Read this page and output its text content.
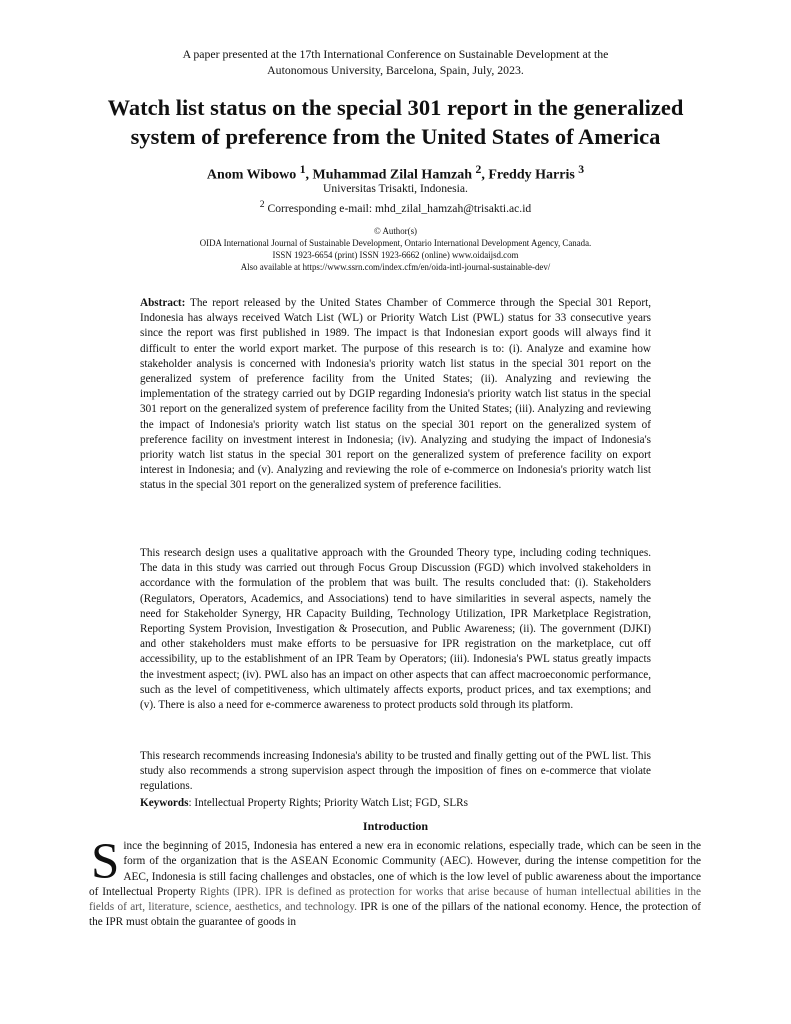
A paper presented at the 17th International Conference on Sustainable Development at the
Autonomous University, Barcelona, Spain, July, 2023.
Watch list status on the special 301 report in the generalized
system of preference from the United States of America
Anom Wibowo $^1$, Muhammad Zilal Hamzah $^2$, Freddy Harris $^3$
Universitas Trisakti, Indonesia.
$^2$ Corresponding e-mail: mhd_zilal_hamzah@trisakti.ac.id
© Author(s)
OIDA International Journal of Sustainable Development, Ontario International Development Agency, Canada.
ISSN 1923-6654 (print) ISSN 1923-6662 (online) www.oidaijsd.com
Also available at https://www.ssrn.com/index.cfm/en/oida-intl-journal-sustainable-dev/
Abstract: The report released by the United States Chamber of Commerce through the Special 301 Report, Indonesia has always received Watch List (WL) or Priority Watch List (PWL) status for 33 consecutive years since the report was first published in 1989. The impact is that Indonesian export goods will always find it difficult to enter the world export market. The purpose of this research is to: (i). Analyze and examine how stakeholder analysis is concerned with Indonesia's priority watch list status in the special 301 report on the generalized system of preference facility from the United States; (ii). Analyzing and reviewing the implementation of the strategy carried out by DGIP regarding Indonesia's priority watch list status in the special 301 report on the generalized system of preference facility from the United States; (iii). Analyzing and reviewing the impact of Indonesia's priority watch list status on the special 301 report on the generalized system of preference facility on investment interest in Indonesia; (iv). Analyzing and studying the impact of Indonesia's priority watch list status in the special 301 report on the generalized system of preference facility on export interest in Indonesia; and (v). Analyzing and reviewing the role of e-commerce on Indonesia's priority watch list status in the special 301 report on the generalized system of preference facilities.
This research design uses a qualitative approach with the Grounded Theory type, including coding techniques. The data in this study was carried out through Focus Group Discussion (FGD) which involved stakeholders in accordance with the formulation of the problem that was built. The results concluded that: (i). Stakeholders (Regulators, Operators, Academics, and Associations) tend to have similarities in several aspects, namely the need for Stakeholder Synergy, HR Capacity Building, Technology Utilization, IPR Marketplace Registration, Reporting System Provision, Investigation & Prosecution, and Public Awareness; (ii). The government (DJKI) and other stakeholders must make efforts to be persuasive for IPR registration on the marketplace, cut off accessibility, up to the establishment of an IPR Team by Operators; (iii). Indonesia's PWL status greatly impacts the investment aspect; (iv). PWL also has an impact on other aspects that can affect macroeconomic performance, such as the level of competitiveness, which ultimately affects exports, product prices, and tax exemptions; and (v). There is also a need for e-commerce awareness to protect products sold through its platform.
This research recommends increasing Indonesia's ability to be trusted and finally getting out of the PWL list. This study also recommends a strong supervision aspect through the imposition of fines on e-commerce that violate regulations.
Keywords: Intellectual Property Rights; Priority Watch List; FGD, SLRs
Introduction
S ince the beginning of 2015, Indonesia has entered a new era in economic relations, especially trade, which can be seen in the form of the organization that is the ASEAN Economic Community (AEC). However, during the intense competition for the AEC, Indonesia is still facing challenges and obstacles, one of which is the low level of public awareness about the importance of Intellectual Property Rights (IPR). IPR is defined as protection for works that arise because of human intellectual abilities in the fields of art, literature, science, aesthetics, and technology. IPR is one of the pillars of the national economy. Hence, the protection of the IPR must obtain the guarantee of goods in
